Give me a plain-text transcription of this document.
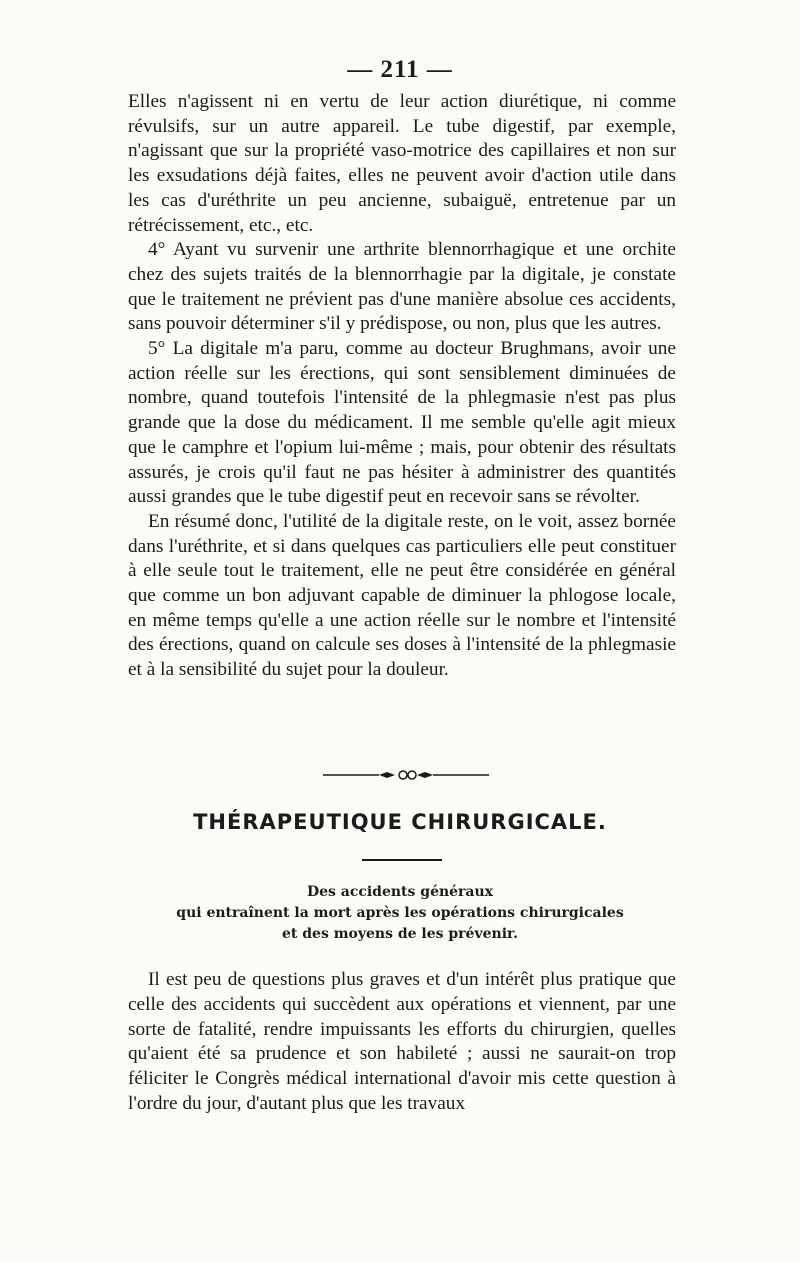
— 211 —

Elles n'agissent ni en vertu de leur action diurétique, ni comme révulsifs, sur un autre appareil. Le tube digestif, par exemple, n'agissant que sur la propriété vaso-motrice des capillaires et non sur les exsudations déjà faites, elles ne peuvent avoir d'action utile dans les cas d'uréthrite un peu ancienne, subaiguë, entretenue par un rétrécissement, etc., etc.

4° Ayant vu survenir une arthrite blennorrhagique et une orchite chez des sujets traités de la blennorrhagie par la digitale, je constate que le traitement ne prévient pas d'une manière absolue ces accidents, sans pouvoir déterminer s'il y prédispose, ou non, plus que les autres.

5° La digitale m'a paru, comme au docteur Brughmans, avoir une action réelle sur les érections, qui sont sensiblement diminuées de nombre, quand toutefois l'intensité de la phlegmasie n'est pas plus grande que la dose du médicament. Il me semble qu'elle agit mieux que le camphre et l'opium lui-même ; mais, pour obtenir des résultats assurés, je crois qu'il faut ne pas hésiter à administrer des quantités aussi grandes que le tube digestif peut en recevoir sans se révolter.

En résumé donc, l'utilité de la digitale reste, on le voit, assez bornée dans l'uréthrite, et si dans quelques cas particuliers elle peut constituer à elle seule tout le traitement, elle ne peut être considérée en général que comme un bon adjuvant capable de diminuer la phlogose locale, en même temps qu'elle a une action réelle sur le nombre et l'intensité des érections, quand on calcule ses doses à l'intensité de la phlegmasie et à la sensibilité du sujet pour la douleur.

THÉRAPEUTIQUE CHIRURGICALE.
Des accidents généraux
qui entraînent la mort après les opérations chirurgicales
et des moyens de les prévenir.

Il est peu de questions plus graves et d'un intérêt plus pratique que celle des accidents qui succèdent aux opérations et viennent, par une sorte de fatalité, rendre impuissants les efforts du chirurgien, quelles qu'aient été sa prudence et son habileté ; aussi ne saurait-on trop féliciter le Congrès médical international d'avoir mis cette question à l'ordre du jour, d'autant plus que les travaux
